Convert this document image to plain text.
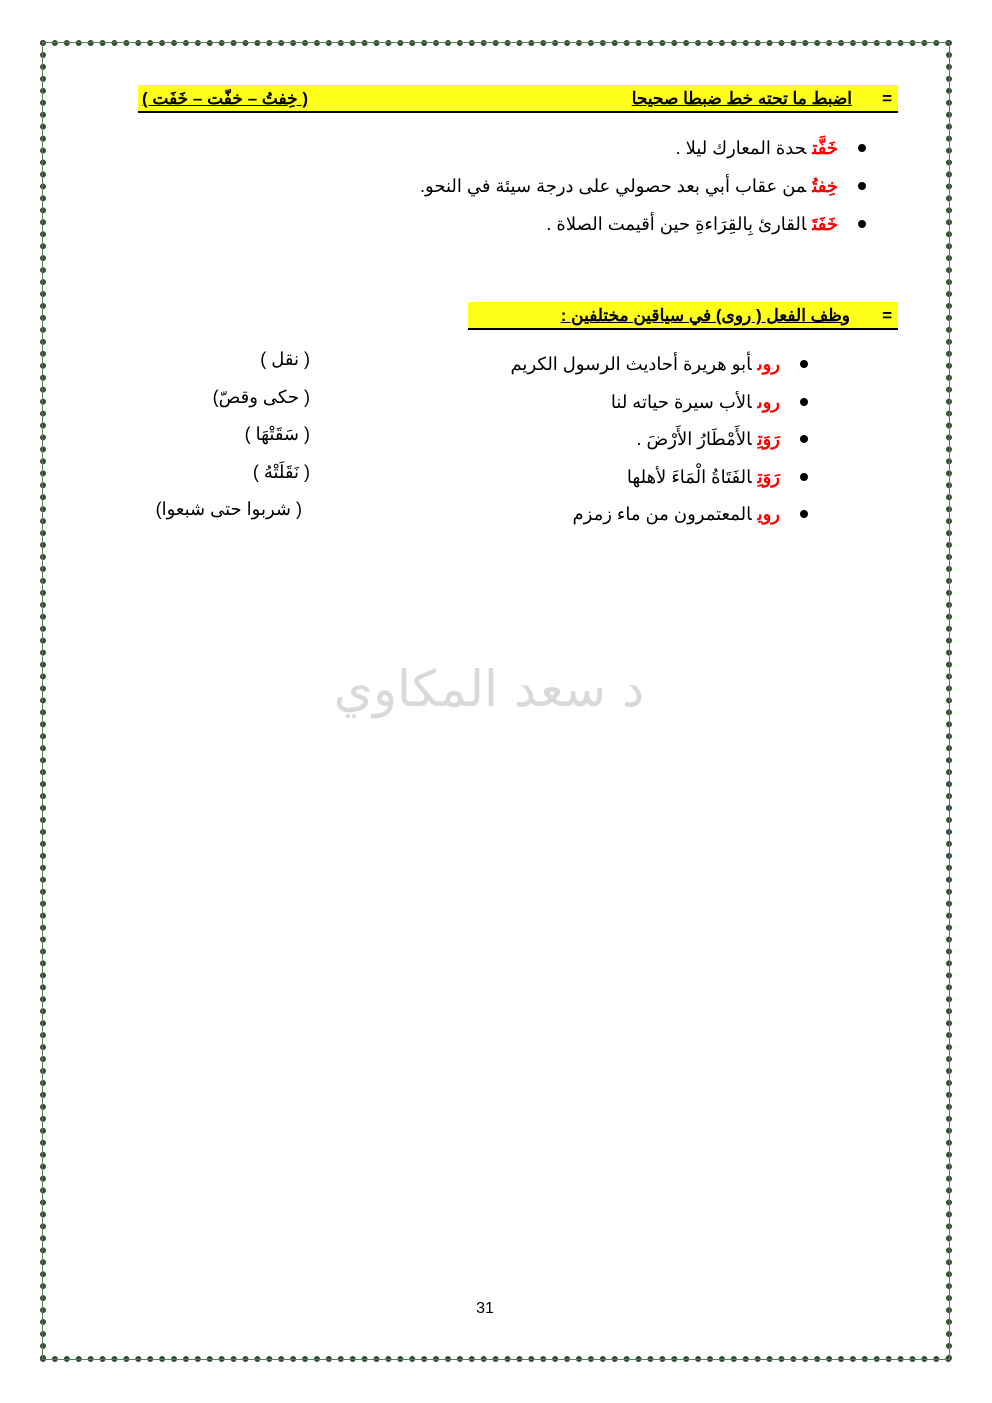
=
اضبط ما تحته خط ضبطا صحيحا
( خِفتُ – خفّت – خَفَت )
خَفَّتحدة المعارك ليلا .
خِفتُمن عقاب أبي بعد حصولي على درجة سيئة في النحو.
خَفَتَالقارئ بِالقِرَاءةِ حين أقيمت الصلاة .
=
وظف الفعل ( روى) في سياقين مختلفين :
روىأبو هريرة أحاديث الرسول الكريم
روىالأب سيرة حياته لنا
رَوَتِالأَمْطَارُ الأَرْضَ .
رَوَتِالفَتَاةُ الْمَاءَ لأهلها
رويالمعتمرون من ماء زمزم
( نقل )
( حكى وقصّ)
( سَقَتْهَا )
( نَقَلَتْهُ )
( شربوا حتى شبعوا)
د سعد المكاوي
31
